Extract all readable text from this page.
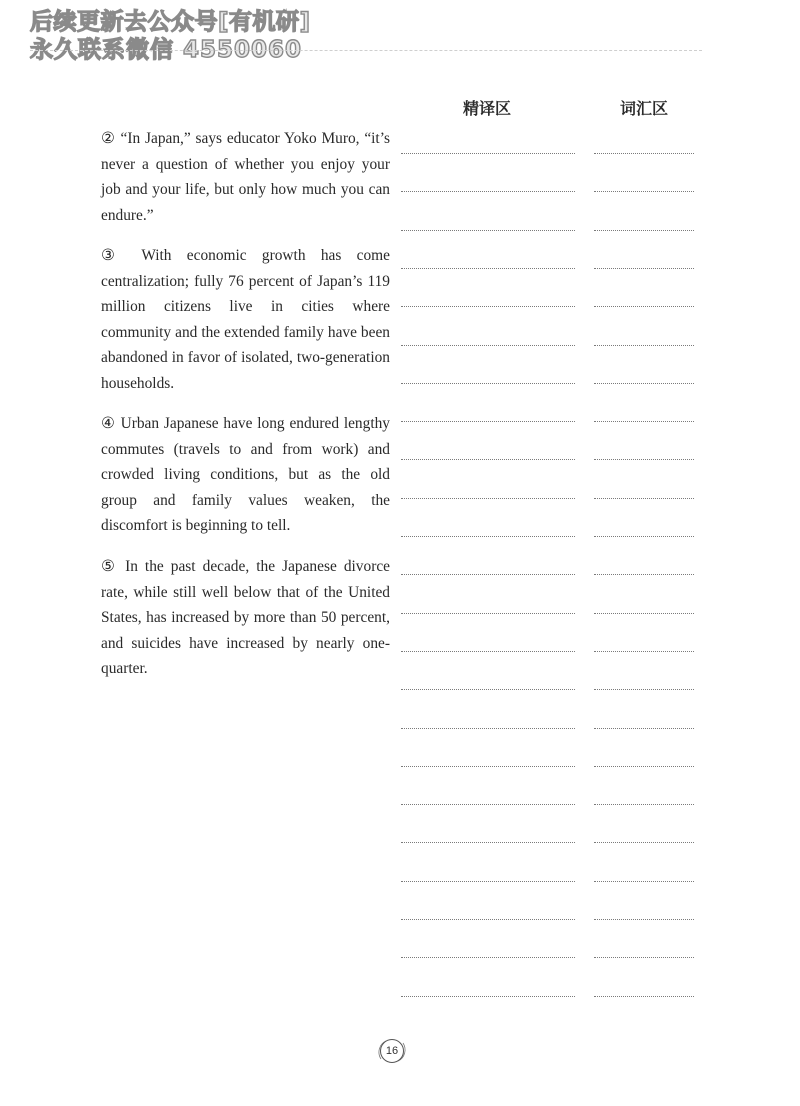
后续更新去公众号[有机研]
永久联系微信 4550060
精译区	词汇区
② “In Japan,” says educator Yoko Muro, “it’s never a question of whether you enjoy your job and your life, but only how much you can endure.”
③ With economic growth has come centralization; fully 76 percent of Japan’s 119 million citizens live in cities where community and the extended family have been abandoned in favor of isolated, two-generation households.
④ Urban Japanese have long endured lengthy commutes (travels to and from work) and crowded living conditions, but as the old group and family values weaken, the discomfort is beginning to tell.
⑤ In the past decade, the Japanese divorce rate, while still well below that of the United States, has increased by more than 50 percent, and suicides have increased by nearly one-quarter.
16
